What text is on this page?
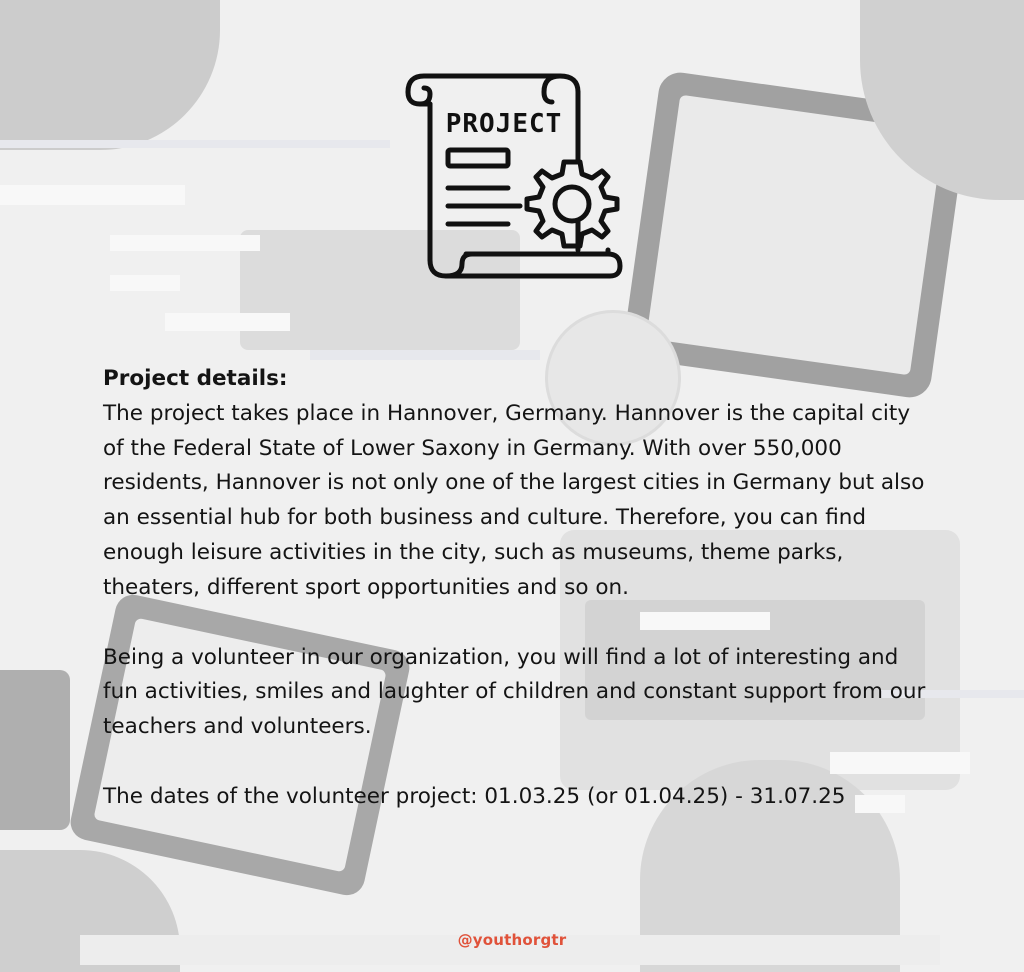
PROJECT

Project details:

The project takes place in Hannover, Germany. Hannover is the capital city of the Federal State of Lower Saxony in Germany. With over 550,000 residents, Hannover is not only one of the largest cities in Germany but also an essential hub for both business and culture. Therefore, you can find enough leisure activities in the city, such as museums, theme parks, theaters, different sport opportunities and so on.

Being a volunteer in our organization, you will find a lot of interesting and fun activities, smiles and laughter of children and constant support from our teachers and volunteers.

The dates of the volunteer project: 01.03.25 (or 01.04.25) - 31.07.25

@youthorgtr
